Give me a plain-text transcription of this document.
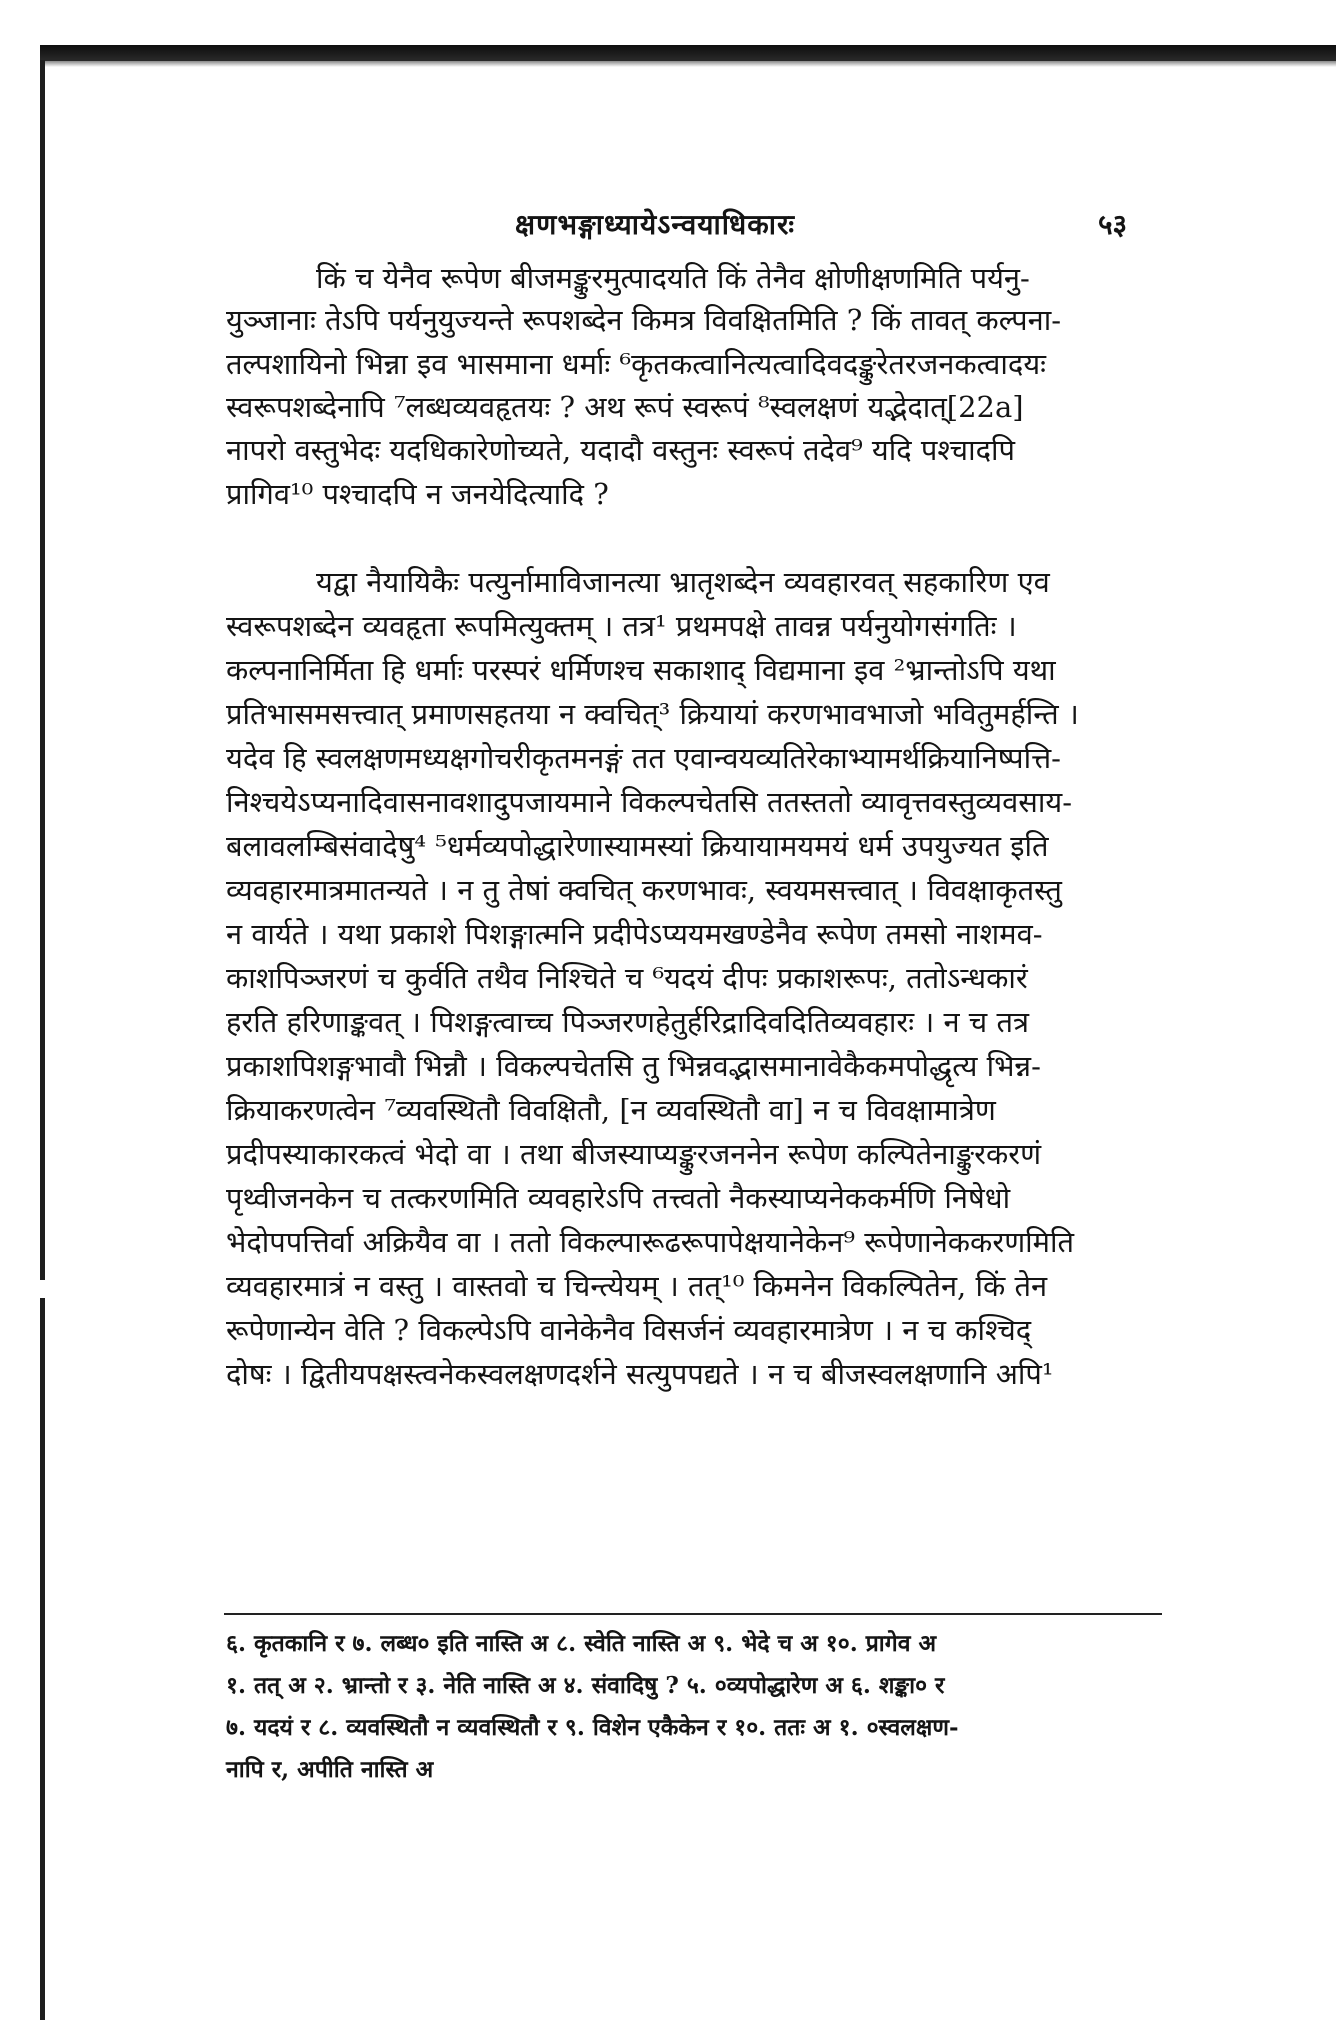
क्षणभङ्गाध्यायेऽन्वयाधिकारः	५३
किं च येनैव रूपेण बीजमङ्कुरमुत्पादयति किं तेनैव क्षोणीक्षणमिति पर्यनु-
युञ्जानाः तेऽपि पर्यनुयुज्यन्ते रूपशब्देन किमत्र विवक्षितमिति ? किं तावत् कल्पना-
तल्पशायिनो भिन्ना इव भासमाना धर्माः ⁶कृतकत्वानित्यत्वादिवदङ्कुरेतरजनकत्वादयः
स्वरूपशब्देनापि ⁷लब्धव्यवहृतयः ? अथ रूपं स्वरूपं ⁸स्वलक्षणं यद्भेदात्[22a]
नापरो वस्तुभेदः यदधिकारेणोच्यते, यदादौ वस्तुनः स्वरूपं तदेव⁹ यदि पश्चादपि
प्रागिव¹⁰ पश्चादपि न जनयेदित्यादि ?
यद्वा नैयायिकैः पत्युर्नामाविजानत्या भ्रातृशब्देन व्यवहारवत् सहकारिण एव
स्वरूपशब्देन व्यवहृता रूपमित्युक्तम् । तत्र¹ प्रथमपक्षे तावन्न पर्यनुयोगसंगतिः ।
कल्पनानिर्मिता हि धर्माः परस्परं धर्मिणश्च सकाशाद् विद्यमाना इव ²भ्रान्तोऽपि यथा
प्रतिभासमसत्त्वात् प्रमाणसहतया न क्वचित्³ क्रियायां करणभावभाजो भवितुमर्हन्ति ।
यदेव हि स्वलक्षणमध्यक्षगोचरीकृतमनङ्गं तत एवान्वयव्यतिरेकाभ्यामर्थक्रियानिष्पत्ति-
निश्चयेऽप्यनादिवासनावशादुपजायमाने विकल्पचेतसि ततस्ततो व्यावृत्तवस्तुव्यवसाय-
बलावलम्बिसंवादेषु⁴ ⁵धर्मव्यपोद्धारेणास्यामस्यां क्रियायामयमयं धर्म उपयुज्यत इति
व्यवहारमात्रमातन्यते । न तु तेषां क्वचित् करणभावः, स्वयमसत्त्वात् । विवक्षाकृतस्तु
न वार्यते । यथा प्रकाशे पिशङ्गात्मनि प्रदीपेऽप्ययमखण्डेनैव रूपेण तमसो नाशमव-
काशपिञ्जरणं च कुर्वति तथैव निश्चिते च ⁶यदयं दीपः प्रकाशरूपः, ततोऽन्धकारं
हरति हरिणाङ्कवत् । पिशङ्गत्वाच्च पिञ्जरणहेतुर्हरिद्रादिवदितिव्यवहारः । न च तत्र
प्रकाशपिशङ्गभावौ भिन्नौ । विकल्पचेतसि तु भिन्नवद्भासमानावेकैकमपोद्धृत्य भिन्न-
क्रियाकरणत्वेन ⁷व्यवस्थितौ विवक्षितौ, [न व्यवस्थितौ वा] न च विवक्षामात्रेण
प्रदीपस्याकारकत्वं भेदो वा । तथा बीजस्याप्यङ्कुरजननेन रूपेण कल्पितेनाङ्कुरकरणं
पृथ्वीजनकेन च तत्करणमिति व्यवहारेऽपि तत्त्वतो नैकस्याप्यनेककर्मणि निषेधो
भेदोपपत्तिर्वा अक्रियैव वा । ततो विकल्पारूढरूपापेक्षयानेकेन⁹ रूपेणानेककरणमिति
व्यवहारमात्रं न वस्तु । वास्तवो च चिन्त्येयम् । तत्¹⁰ किमनेन विकल्पितेन, किं तेन
रूपेणान्येन वेति ? विकल्पेऽपि वानेकेनैव विसर्जनं व्यवहारमात्रेण । न च कश्चिद्
दोषः । द्वितीयपक्षस्त्वनेकस्वलक्षणदर्शने सत्युपपद्यते । न च बीजस्वलक्षणानि अपि¹
६. कृतकानि र ७. लब्ध० इति नास्ति अ ८. स्वेति नास्ति अ ९. भेदे च अ १०. प्रागेव अ
१. तत् अ २. भ्रान्तो र ३. नेति नास्ति अ ४. संवादिषु ? ५. ०व्यपोद्धारेण अ ६. शङ्का० र
७. यदयं र ८. व्यवस्थितौ न व्यवस्थितौ र ९. विशेन एकैकेन र १०. ततः अ १. ०स्वलक्षण-
नापि र, अपीति नास्ति अ
